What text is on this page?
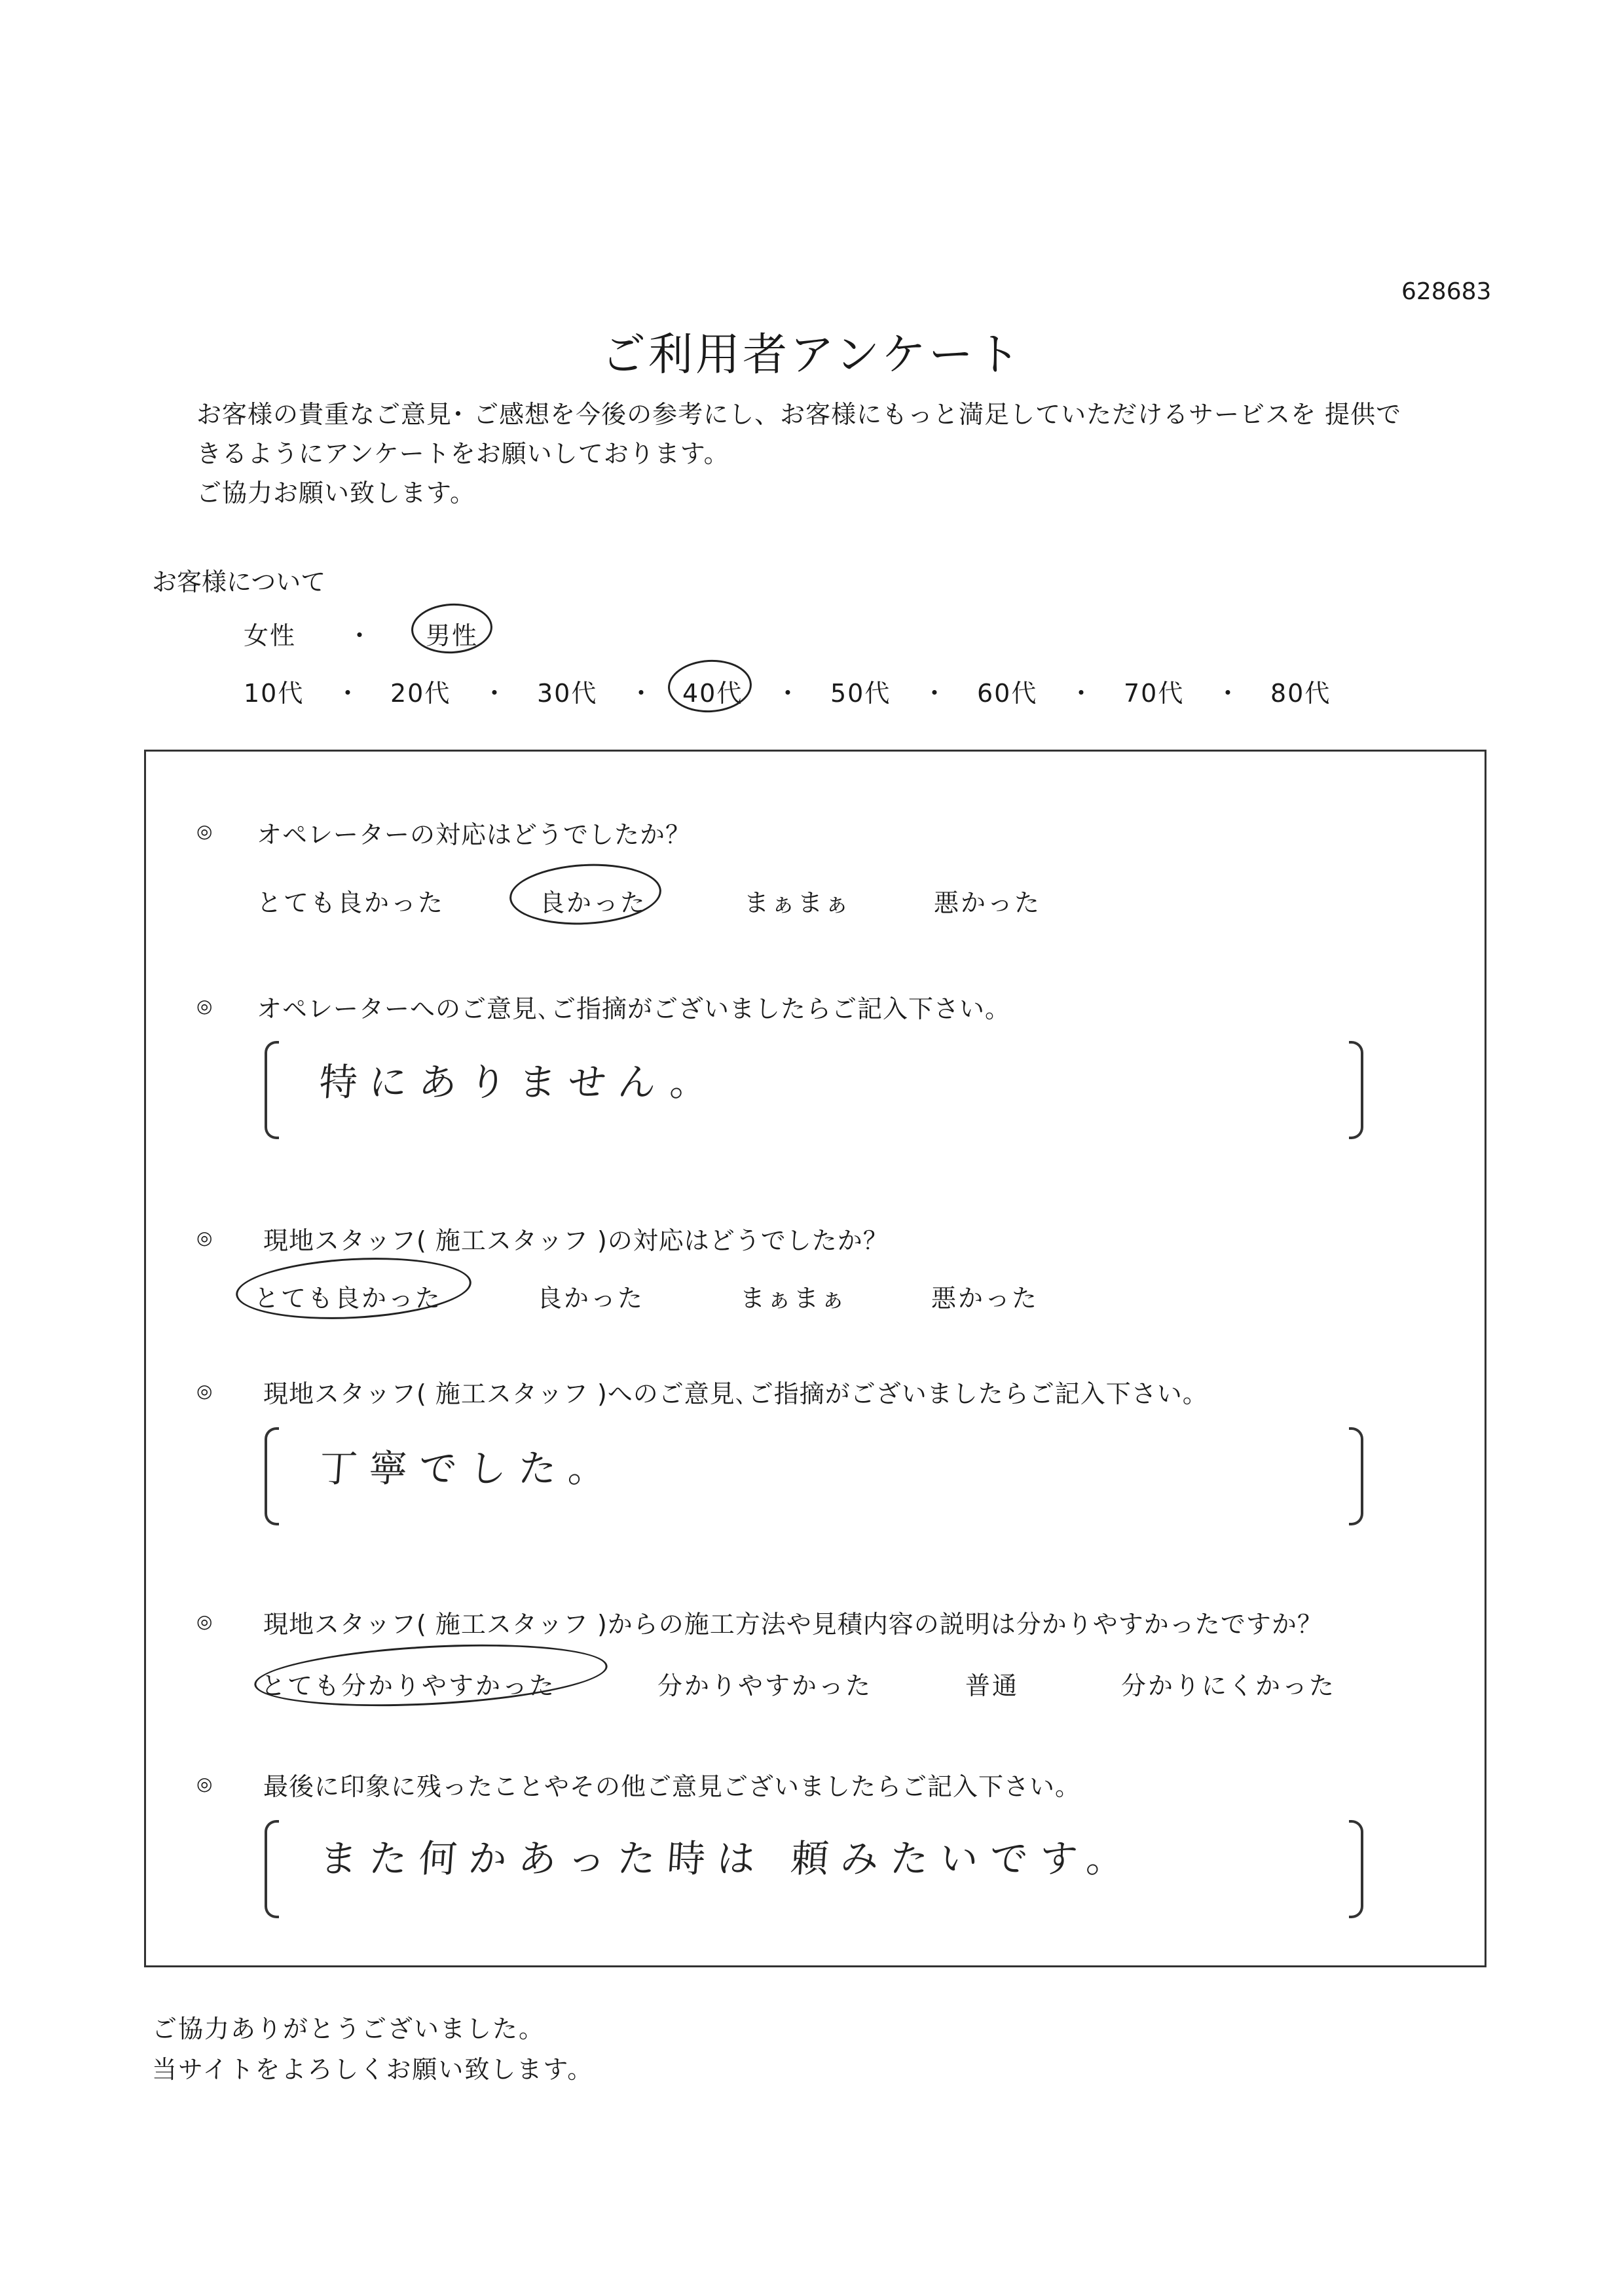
628683
ご利用者アンケート
お客様の貴重なご意見･ ご感想を今後の参考にし、お客様にもっと満足していただけるサービスを 提供で
きるようにアンケートをお願いしております。
ご協力お願い致します。
お客様について
女性 ・ 男性
10代 ・ 20代 ・ 30代 ・ 40代 ・ 50代 ・ 60代 ・ 70代 ・ 80代
◎ オペレーターの対応はどうでしたか？
とても良かった	良かった	まぁまぁ	悪かった
◎ オペレーターへのご意見､ご指摘がございましたらご記入下さい。
特にありません。
◎ 現地スタッフ( 施工スタッフ )の対応はどうでしたか？
とても良かった	良かった	まぁまぁ	悪かった
◎ 現地スタッフ( 施工スタッフ )へのご意見､ご指摘がございましたらご記入下さい。
丁寧でした。
◎ 現地スタッフ( 施工スタッフ )からの施工方法や見積内容の説明は分かりやすかったですか？
とても分かりやすかった	分かりやすかった	普通	分かりにくかった
◎ 最後に印象に残ったことやその他ご意見ございましたらご記入下さい。
また何かあった時は 頼みたいです。
ご協力ありがとうございました。
当サイトをよろしくお願い致します。
